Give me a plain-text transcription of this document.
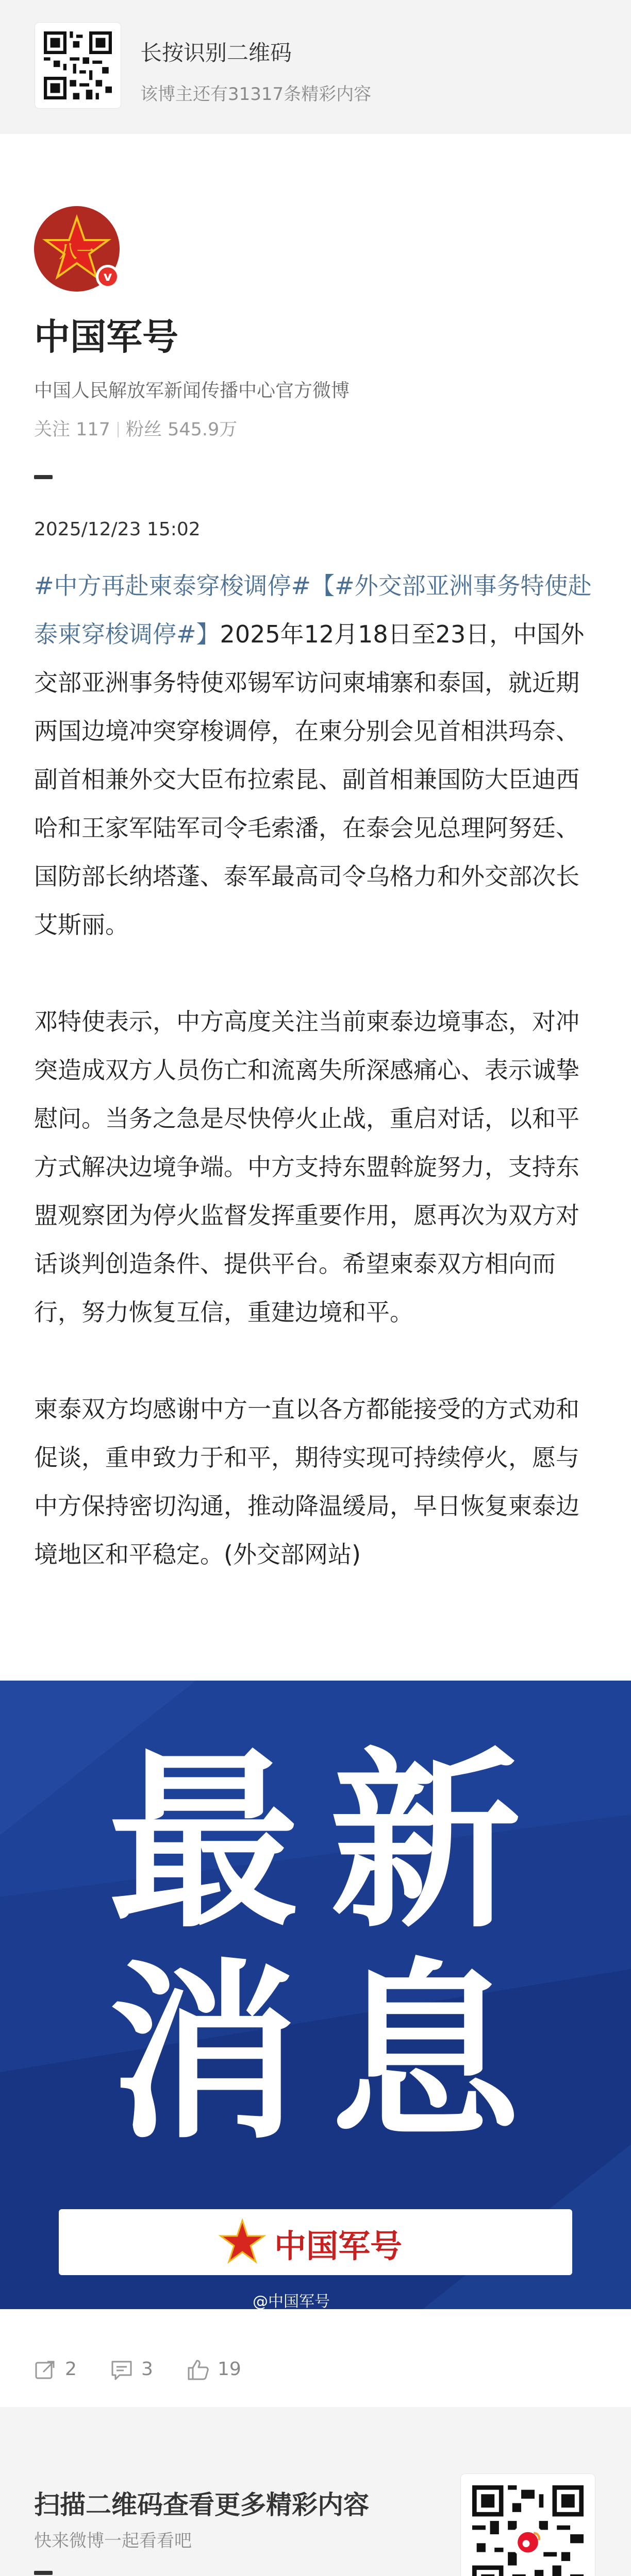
长按识别二维码
该博主还有31317条精彩内容
八一
v
中国军号
中国人民解放军新闻传播中心官方微博
关注 117 粉丝 545.9万
2025/12/23 15:02

#中方再赴柬泰穿梭调停#【#外交部亚洲事务特使赴泰柬穿梭调停#】2025年12月18日至23日，中国外交部亚洲事务特使邓锡军访问柬埔寨和泰国，就近期两国边境冲突穿梭调停，在柬分别会见首相洪玛奈、副首相兼外交大臣布拉索昆、副首相兼国防大臣迪西哈和王家军陆军司令毛索潘，在泰会见总理阿努廷、国防部长纳塔蓬、泰军最高司令乌格力和外交部次长艾斯丽。

邓特使表示，中方高度关注当前柬泰边境事态，对冲突造成双方人员伤亡和流离失所深感痛心、表示诚挚慰问。当务之急是尽快停火止战，重启对话，以和平方式解决边境争端。中方支持东盟斡旋努力，支持东盟观察团为停火监督发挥重要作用，愿再次为双方对话谈判创造条件、提供平台。希望柬泰双方相向而行，努力恢复互信，重建边境和平。

柬泰双方均感谢中方一直以各方都能接受的方式劝和促谈，重申致力于和平，期待实现可持续停火，愿与中方保持密切沟通，推动降温缓局，早日恢复柬泰边境地区和平稳定。(外交部网站)

最 新
消 息
中国军号
@中国军号
2	3	19
扫描二维码查看更多精彩内容
快来微博一起看看吧
